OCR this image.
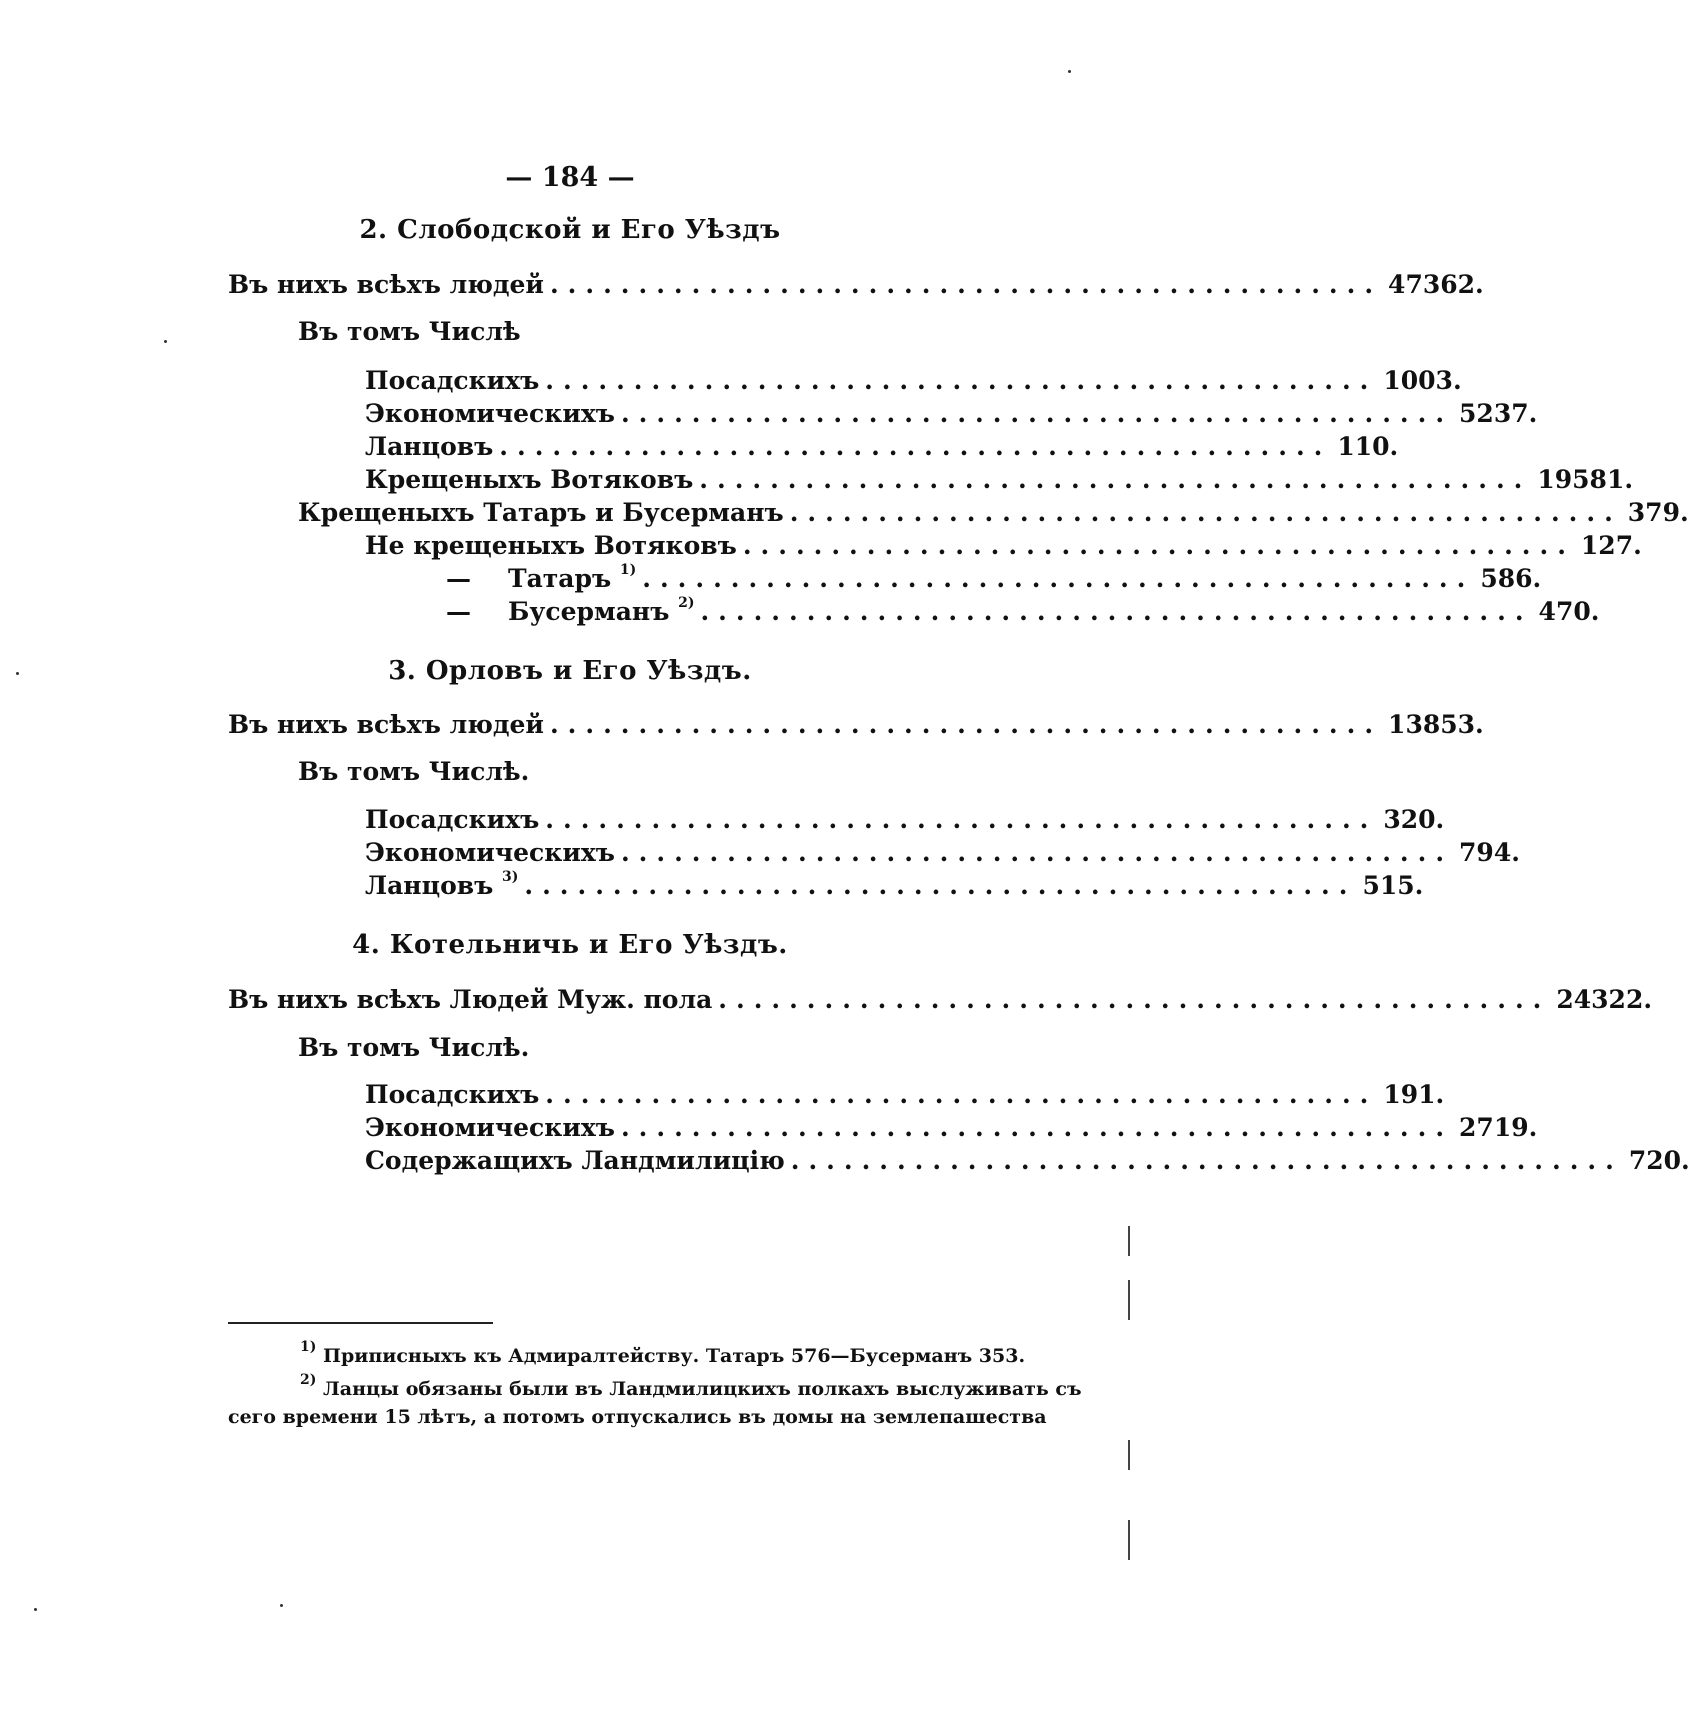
— 184 —
2. Слободской и Его Уѣздъ
Въ нихъ всѣхъ людей ............................................... 47362.
Въ томъ Числѣ
Посадскихъ ............................................... 1003.
Экономическихъ ............................................... 5237.
Ланцовъ ............................................... 110.
Крещеныхъ Вотяковъ ............................................... 19581.
Крещеныхъ Татаръ и Бусерманъ ............................................... 379.
Не крещеныхъ Вотяковъ ............................................... 127.
— Татаръ $^{1)}$ ............................................... 586.
— Бусерманъ $^{2)}$ ............................................... 470.
3. Орловъ и Его Уѣздъ.
Въ нихъ всѣхъ людей ............................................... 13853.
Въ томъ Числѣ.
Посадскихъ ............................................... 320.
Экономическихъ ............................................... 794.
Ланцовъ $^{3)}$ ............................................... 515.
4. Котельничь и Его Уѣздъ.
Въ нихъ всѣхъ Людей Муж. пола ............................................... 24322.
Въ томъ Числѣ.
Посадскихъ ............................................... 191.
Экономическихъ ............................................... 2719.
Содержащихъ Ландмилицію ............................................... 720.
$^{1)}$ Приписныхъ къ Адмиралтейству. Татаръ 576—Бусерманъ 353.
$^{2)}$ Ланцы обязаны были въ Ландмилицкихъ полкахъ выслуживать съ
сего времени 15 лѣтъ, а потомъ отпускались въ домы на землепашества
